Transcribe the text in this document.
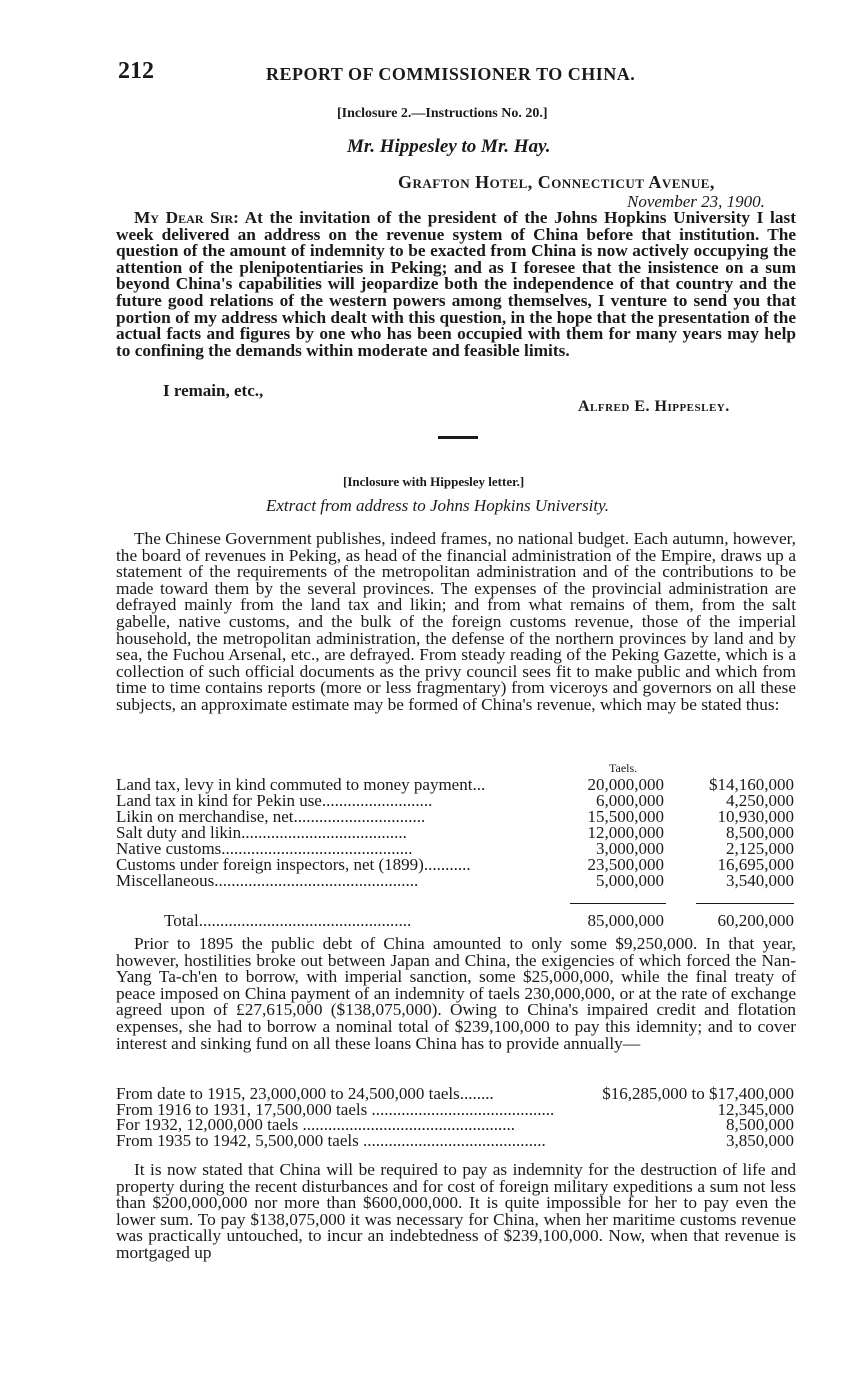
212	REPORT OF COMMISSIONER TO CHINA.
[Inclosure 2.—Instructions No. 20.]
Mr. Hippesley to Mr. Hay.
Grafton Hotel, Connecticut Avenue,
November 23, 1900.

My Dear Sir: At the invitation of the president of the Johns Hopkins University I last week delivered an address on the revenue system of China before that institution. The question of the amount of indemnity to be exacted from China is now actively occupying the attention of the plenipotentiaries in Peking; and as I foresee that the insistence on a sum beyond China's capabilities will jeopardize both the independence of that country and the future good relations of the western powers among themselves, I venture to send you that portion of my address which dealt with this question, in the hope that the presentation of the actual facts and figures by one who has been occupied with them for many years may help to confining the demands within moderate and feasible limits.

I remain, etc.,
Alfred E. Hippesley.
[Inclosure with Hippesley letter.]
Extract from address to Johns Hopkins University.

The Chinese Government publishes, indeed frames, no national budget. Each autumn, however, the board of revenues in Peking, as head of the financial administration of the Empire, draws up a statement of the requirements of the metropolitan administration and of the contributions to be made toward them by the several provinces. The expenses of the provincial administration are defrayed mainly from the land tax and likin; and from what remains of them, from the salt gabelle, native customs, and the bulk of the foreign customs revenue, those of the imperial household, the metropolitan administration, the defense of the northern provinces by land and by sea, the Fuchou Arsenal, etc., are defrayed. From steady reading of the Peking Gazette, which is a collection of such official documents as the privy council sees fit to make public and which from time to time contains reports (more or less fragmentary) from viceroys and governors on all these subjects, an approximate estimate may be formed of China's revenue, which may be stated thus:

Taels.
Land tax, levy in kind commuted to money payment...	20,000,000	$14,160,000
Land tax in kind for Pekin use..........................	6,000,000	4,250,000
Likin on merchandise, net...............................	15,500,000	10,930,000
Salt duty and likin.......................................	12,000,000	8,500,000
Native customs.............................................	3,000,000	2,125,000
Customs under foreign inspectors, net (1899)...........	23,500,000	16,695,000
Miscellaneous................................................	5,000,000	3,540,000
Total..................................................	85,000,000	60,200,000

Prior to 1895 the public debt of China amounted to only some $9,250,000. In that year, however, hostilities broke out between Japan and China, the exigencies of which forced the Nan-Yang Ta-ch'en to borrow, with imperial sanction, some $25,000,000, while the final treaty of peace imposed on China payment of an indemnity of taels 230,000,000, or at the rate of exchange agreed upon of £27,615,000 ($138,075,000). Owing to China's impaired credit and flotation expenses, she had to borrow a nominal total of $239,100,000 to pay this idemnity; and to cover interest and sinking fund on all these loans China has to provide annually—

From date to 1915, 23,000,000 to 24,500,000 taels........	$16,285,000 to $17,400,000
From 1916 to 1931, 17,500,000 taels ...........................................	12,345,000
For 1932, 12,000,000 taels ..................................................	8,500,000
From 1935 to 1942, 5,500,000 taels ...........................................	3,850,000

It is now stated that China will be required to pay as indemnity for the destruction of life and property during the recent disturbances and for cost of foreign military expeditions a sum not less than $200,000,000 nor more than $600,000,000. It is quite impossible for her to pay even the lower sum. To pay $138,075,000 it was necessary for China, when her maritime customs revenue was practically untouched, to incur an indebtedness of $239,100,000. Now, when that revenue is mortgaged up
